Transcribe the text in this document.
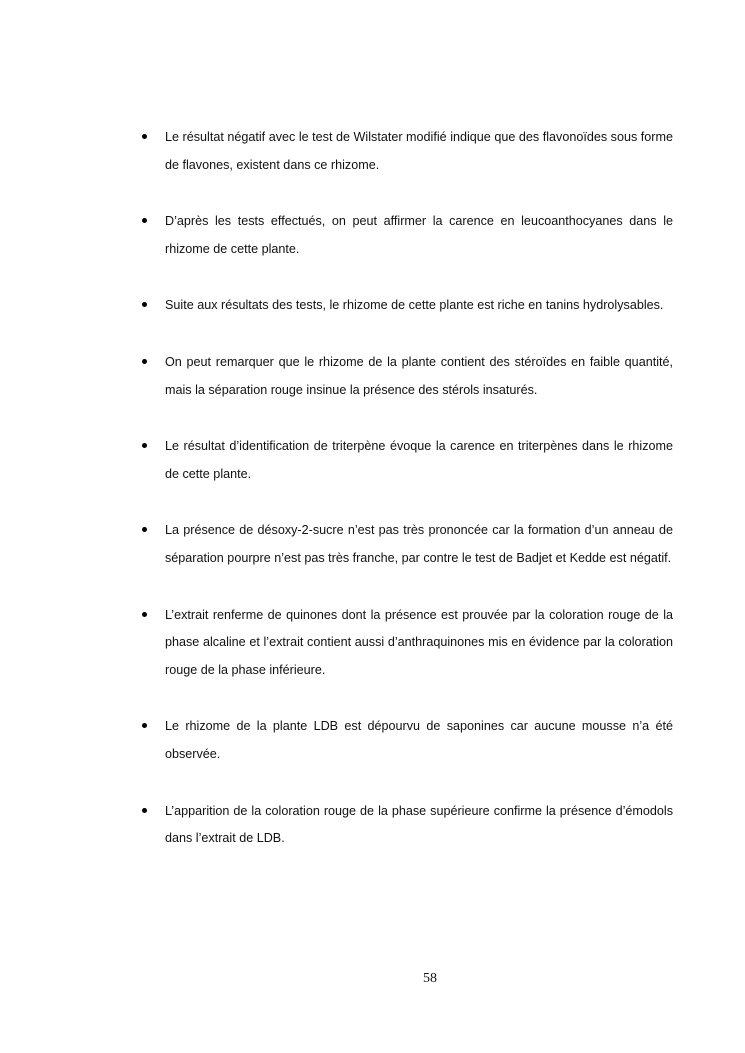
Le résultat négatif avec le test de Wilstater modifié indique que des flavonoïdes sous forme de flavones, existent dans ce rhizome.
D’après les tests effectués, on peut affirmer la carence en leucoanthocyanes dans le rhizome de cette plante.
Suite aux résultats des tests, le rhizome de cette plante est riche en tanins hydrolysables.
On peut remarquer que le rhizome de la plante contient des stéroïdes en faible quantité, mais la séparation rouge insinue la présence des stérols insaturés.
Le résultat d’identification de triterpène évoque la carence en triterpènes dans le rhizome de cette plante.
La présence de désoxy-2-sucre n’est pas très prononcée car la formation d’un anneau de séparation pourpre n’est pas très franche, par contre le test de Badjet et Kedde est négatif.
L’extrait renferme de quinones dont la présence est prouvée par la coloration rouge de la phase alcaline et l’extrait contient aussi d’anthraquinones mis en évidence par la coloration rouge de la phase inférieure.
Le rhizome de la plante LDB est dépourvu de saponines car aucune mousse n’a été observée.
L’apparition de la coloration rouge de la phase supérieure confirme la présence d’émodols dans l’extrait de LDB.
58
